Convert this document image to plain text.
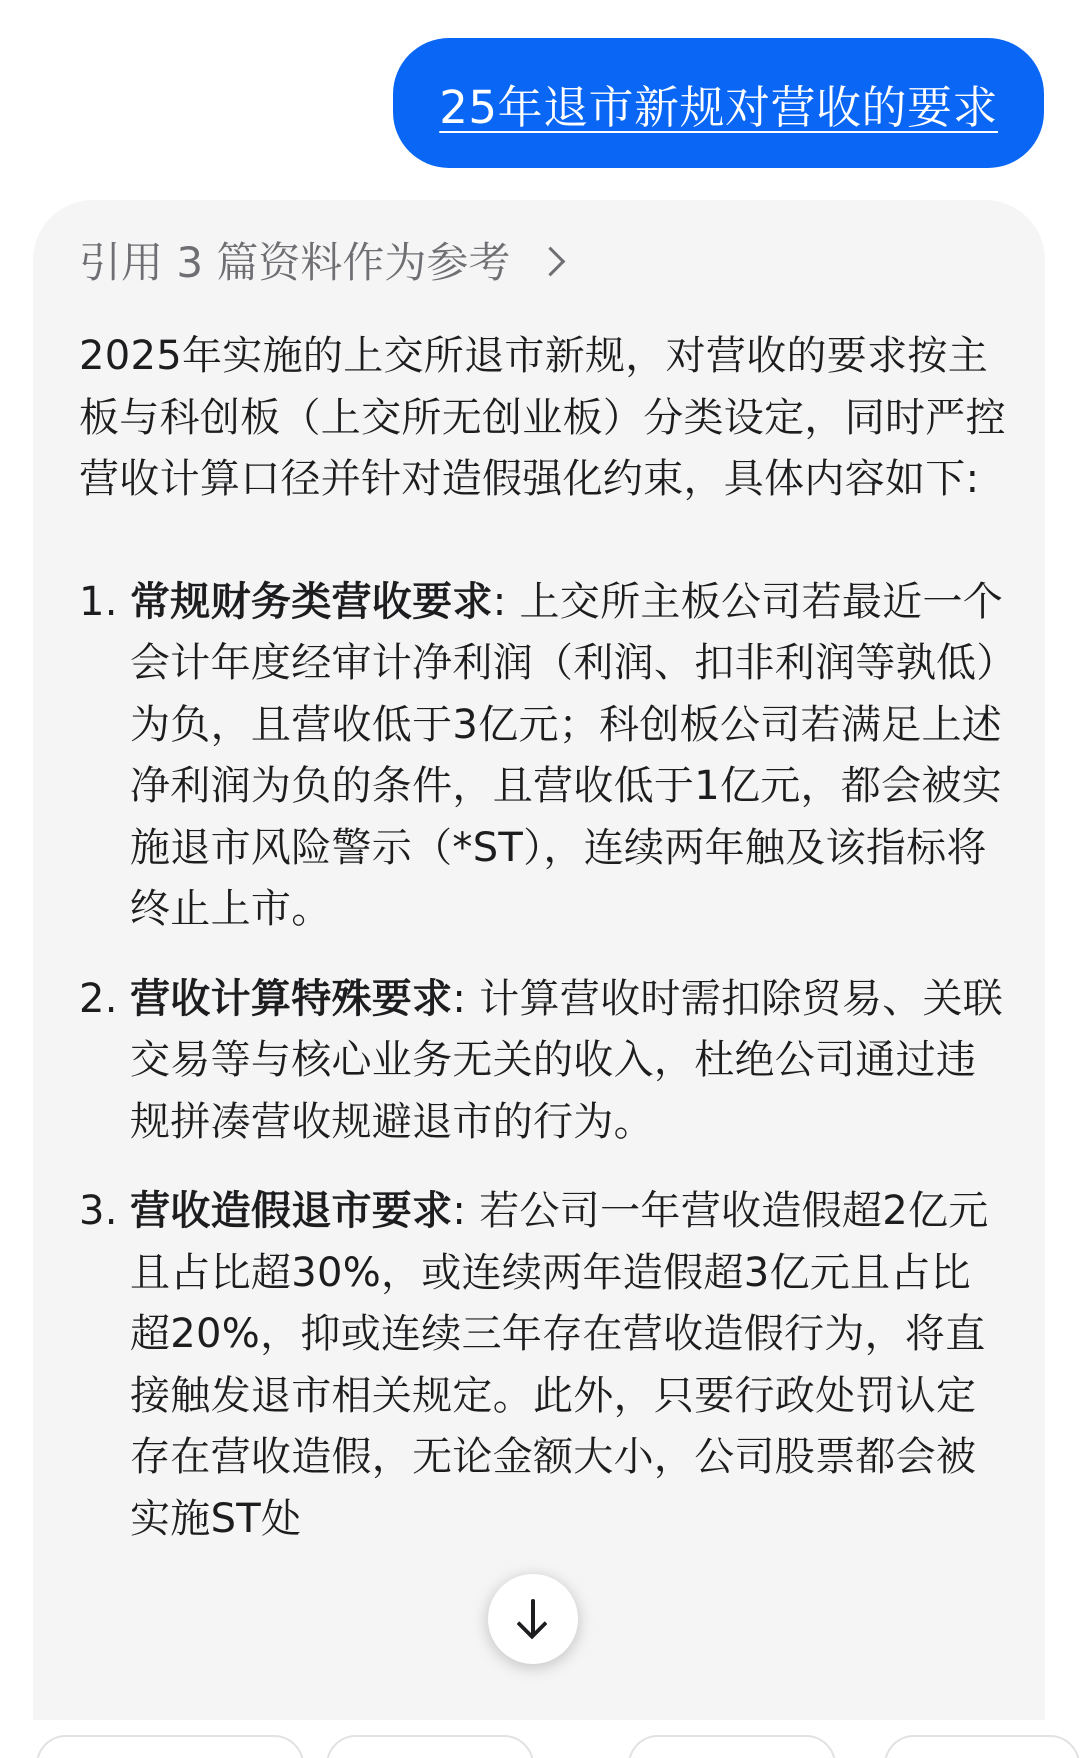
25年退市新规对营收的要求
引用 3 篇资料作为参考

2025年实施的上交所退市新规，对营收的要求按主板与科创板（上交所无创业板）分类设定，同时严控营收计算口径并针对造假强化约束，具体内容如下:

1. 常规财务类营收要求: 上交所主板公司若最近一个会计年度经审计净利润（利润、扣非利润等孰低）为负，且营收低于3亿元；科创板公司若满足上述净利润为负的条件，且营收低于1亿元，都会被实施退市风险警示（*ST），连续两年触及该指标将终止上市。
2. 营收计算特殊要求: 计算营收时需扣除贸易、关联交易等与核心业务无关的收入，杜绝公司通过违规拼凑营收规避退市的行为。
3. 营收造假退市要求: 若公司一年营收造假超2亿元且占比超30%，或连续两年造假超3亿元且占比超20%，抑或连续三年存在营收造假行为，将直接触发退市相关规定。此外，只要行政处罚认定存在营收造假，无论金额大小，公司股票都会被实施ST处
